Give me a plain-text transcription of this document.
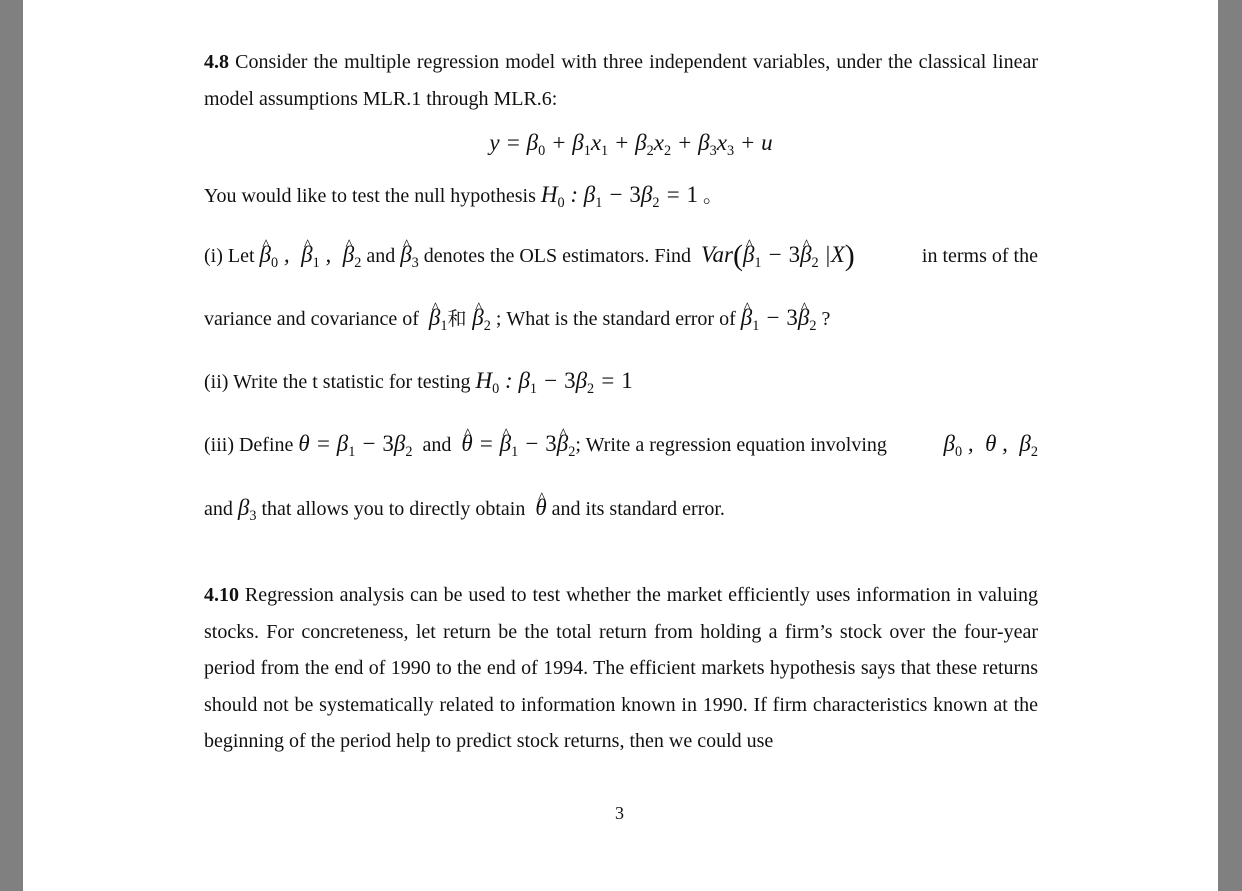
4.8 Consider the multiple regression model with three independent variables, under the classical linear model assumptions MLR.1 through MLR.6:

$y = \beta_0 + \beta_1x_1 + \beta_2x_2 + \beta_3x_3 + u$

You would like to test the null hypothesis $H_0$ : $\beta_1 - 3\beta_2 = 1$ 。

(i) Let ^ $\beta_0$ ,  ^ $\beta_1$ ,  ^ $\beta_2$ and ^ $\beta_3$ denotes the OLS estimators. Find Var(^ $\beta_1$ − 3^ $\beta_2$ |X)	in terms of the

variance and covariance of ^ $\beta_1$和 ^ $\beta_2$ ; What is the standard error of ^ $\beta_1$ − 3^ $\beta_2$ ?

(ii) Write the t statistic for testing $H_0$ : $\beta_1 - 3\beta_2 = 1$

(iii) Define $\theta = \beta_1 - 3\beta_2$ and ^ θ = ^ $\beta_1$ − 3^ $\beta_2$; Write a regression equation involving $\beta_0$ ,  θ ,  $\beta_2$

and $\beta_3$ that allows you to directly obtain ^ θ and its standard error.

4.10 Regression analysis can be used to test whether the market efficiently uses information in valuing stocks. For concreteness, let return be the total return from holding a firm’s stock over the four-year period from the end of 1990 to the end of 1994. The efficient markets hypothesis says that these returns should not be systematically related to information known in 1990. If firm characteristics known at the beginning of the period help to predict stock returns, then we could use

3
